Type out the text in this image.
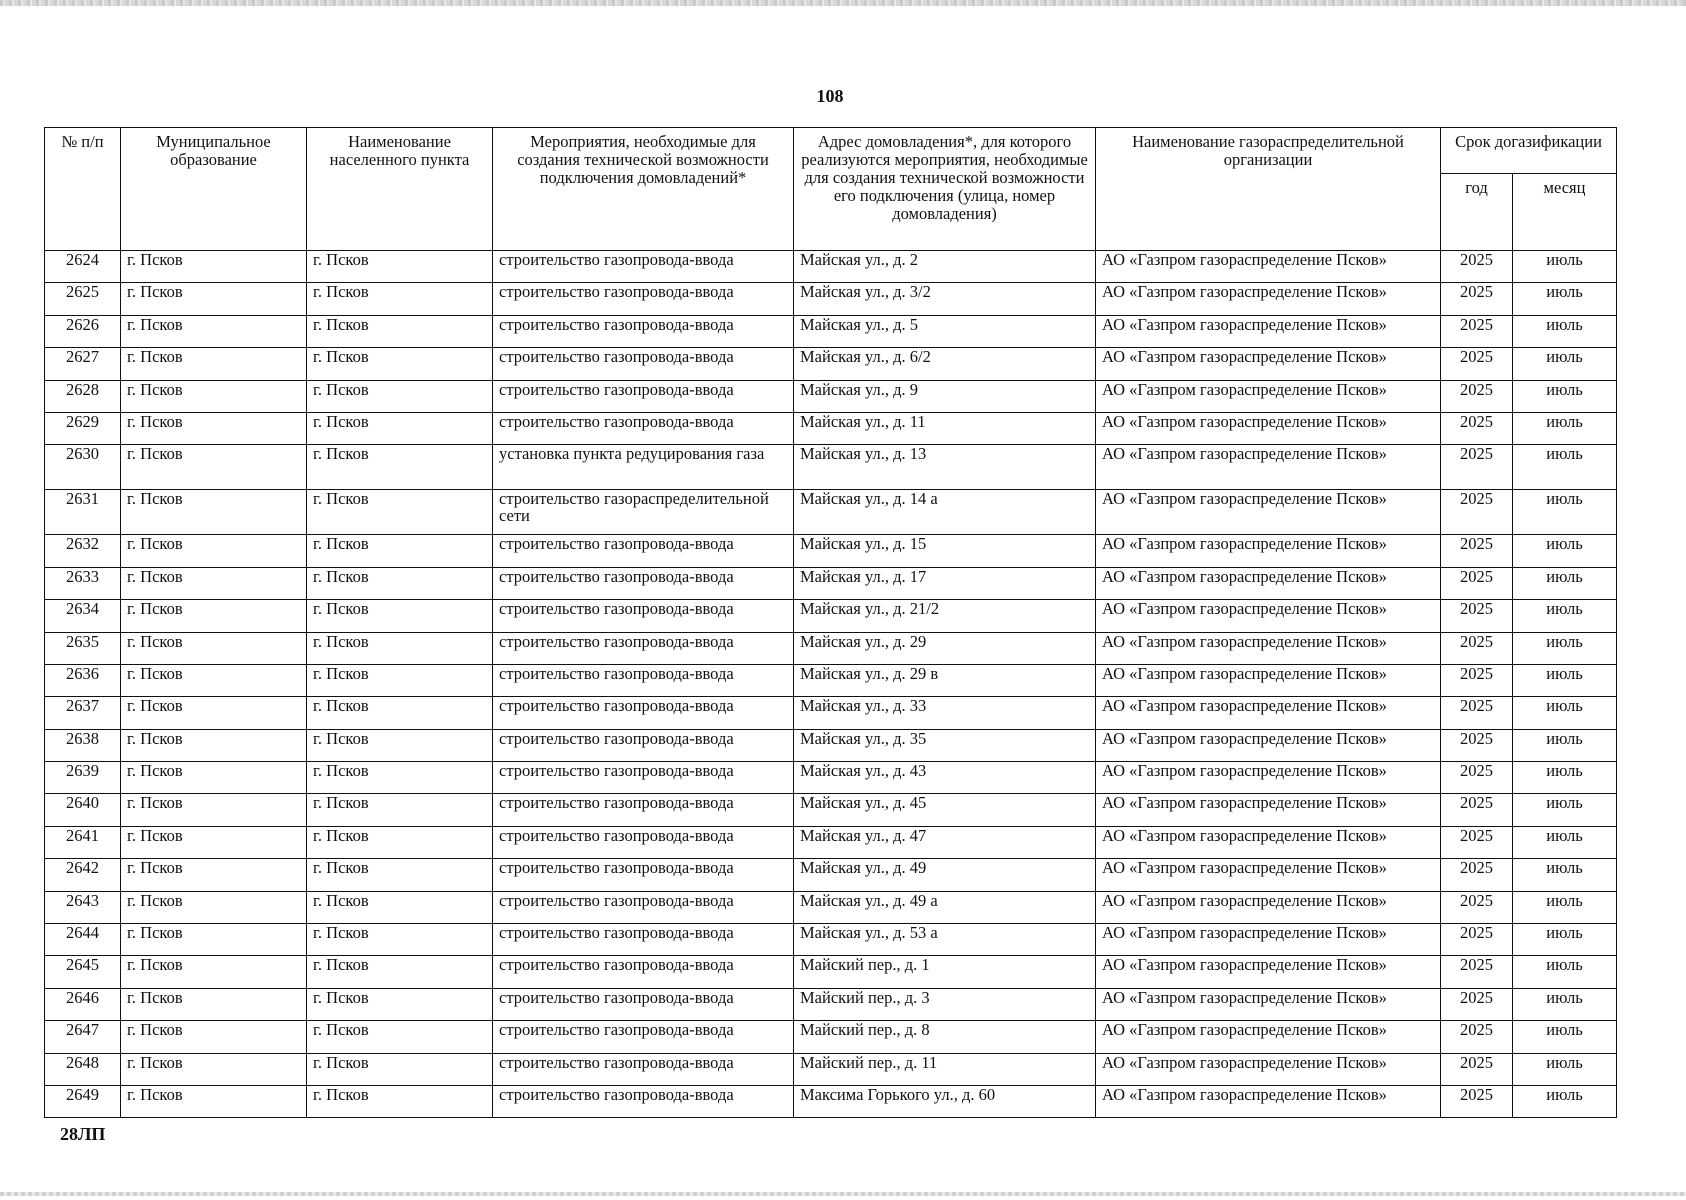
108
№ п/п	Муниципальное образование	Наименование населенного пункта	Мероприятия, необходимые для создания технической возможности подключения домовладений*	Адрес домовладения*, для которого реализуются мероприятия, необходимые для создания технической возможности его подключения (улица, номер домовладения)	Наименование газораспределительной организации	Срок догазификации	
						год	месяц
2624	г. Псков	г. Псков	строительство газопровода-ввода	Майская ул., д. 2	АО «Газпром газораспределение Псков»	2025	июль
2625	г. Псков	г. Псков	строительство газопровода-ввода	Майская ул., д. 3/2	АО «Газпром газораспределение Псков»	2025	июль
2626	г. Псков	г. Псков	строительство газопровода-ввода	Майская ул., д. 5	АО «Газпром газораспределение Псков»	2025	июль
2627	г. Псков	г. Псков	строительство газопровода-ввода	Майская ул., д. 6/2	АО «Газпром газораспределение Псков»	2025	июль
2628	г. Псков	г. Псков	строительство газопровода-ввода	Майская ул., д. 9	АО «Газпром газораспределение Псков»	2025	июль
2629	г. Псков	г. Псков	строительство газопровода-ввода	Майская ул., д. 11	АО «Газпром газораспределение Псков»	2025	июль
2630	г. Псков	г. Псков	установка пункта редуцирования газа	Майская ул., д. 13	АО «Газпром газораспределение Псков»	2025	июль
2631	г. Псков	г. Псков	строительство газораспределительной сети	Майская ул., д. 14 а	АО «Газпром газораспределение Псков»	2025	июль
2632	г. Псков	г. Псков	строительство газопровода-ввода	Майская ул., д. 15	АО «Газпром газораспределение Псков»	2025	июль
2633	г. Псков	г. Псков	строительство газопровода-ввода	Майская ул., д. 17	АО «Газпром газораспределение Псков»	2025	июль
2634	г. Псков	г. Псков	строительство газопровода-ввода	Майская ул., д. 21/2	АО «Газпром газораспределение Псков»	2025	июль
2635	г. Псков	г. Псков	строительство газопровода-ввода	Майская ул., д. 29	АО «Газпром газораспределение Псков»	2025	июль
2636	г. Псков	г. Псков	строительство газопровода-ввода	Майская ул., д. 29 в	АО «Газпром газораспределение Псков»	2025	июль
2637	г. Псков	г. Псков	строительство газопровода-ввода	Майская ул., д. 33	АО «Газпром газораспределение Псков»	2025	июль
2638	г. Псков	г. Псков	строительство газопровода-ввода	Майская ул., д. 35	АО «Газпром газораспределение Псков»	2025	июль
2639	г. Псков	г. Псков	строительство газопровода-ввода	Майская ул., д. 43	АО «Газпром газораспределение Псков»	2025	июль
2640	г. Псков	г. Псков	строительство газопровода-ввода	Майская ул., д. 45	АО «Газпром газораспределение Псков»	2025	июль
2641	г. Псков	г. Псков	строительство газопровода-ввода	Майская ул., д. 47	АО «Газпром газораспределение Псков»	2025	июль
2642	г. Псков	г. Псков	строительство газопровода-ввода	Майская ул., д. 49	АО «Газпром газораспределение Псков»	2025	июль
2643	г. Псков	г. Псков	строительство газопровода-ввода	Майская ул., д. 49 а	АО «Газпром газораспределение Псков»	2025	июль
2644	г. Псков	г. Псков	строительство газопровода-ввода	Майская ул., д. 53 а	АО «Газпром газораспределение Псков»	2025	июль
2645	г. Псков	г. Псков	строительство газопровода-ввода	Майский пер., д. 1	АО «Газпром газораспределение Псков»	2025	июль
2646	г. Псков	г. Псков	строительство газопровода-ввода	Майский пер., д. 3	АО «Газпром газораспределение Псков»	2025	июль
2647	г. Псков	г. Псков	строительство газопровода-ввода	Майский пер., д. 8	АО «Газпром газораспределение Псков»	2025	июль
2648	г. Псков	г. Псков	строительство газопровода-ввода	Майский пер., д. 11	АО «Газпром газораспределение Псков»	2025	июль
2649	г. Псков	г. Псков	строительство газопровода-ввода	Максима Горького ул., д. 60	АО «Газпром газораспределение Псков»	2025	июль
28ЛП
